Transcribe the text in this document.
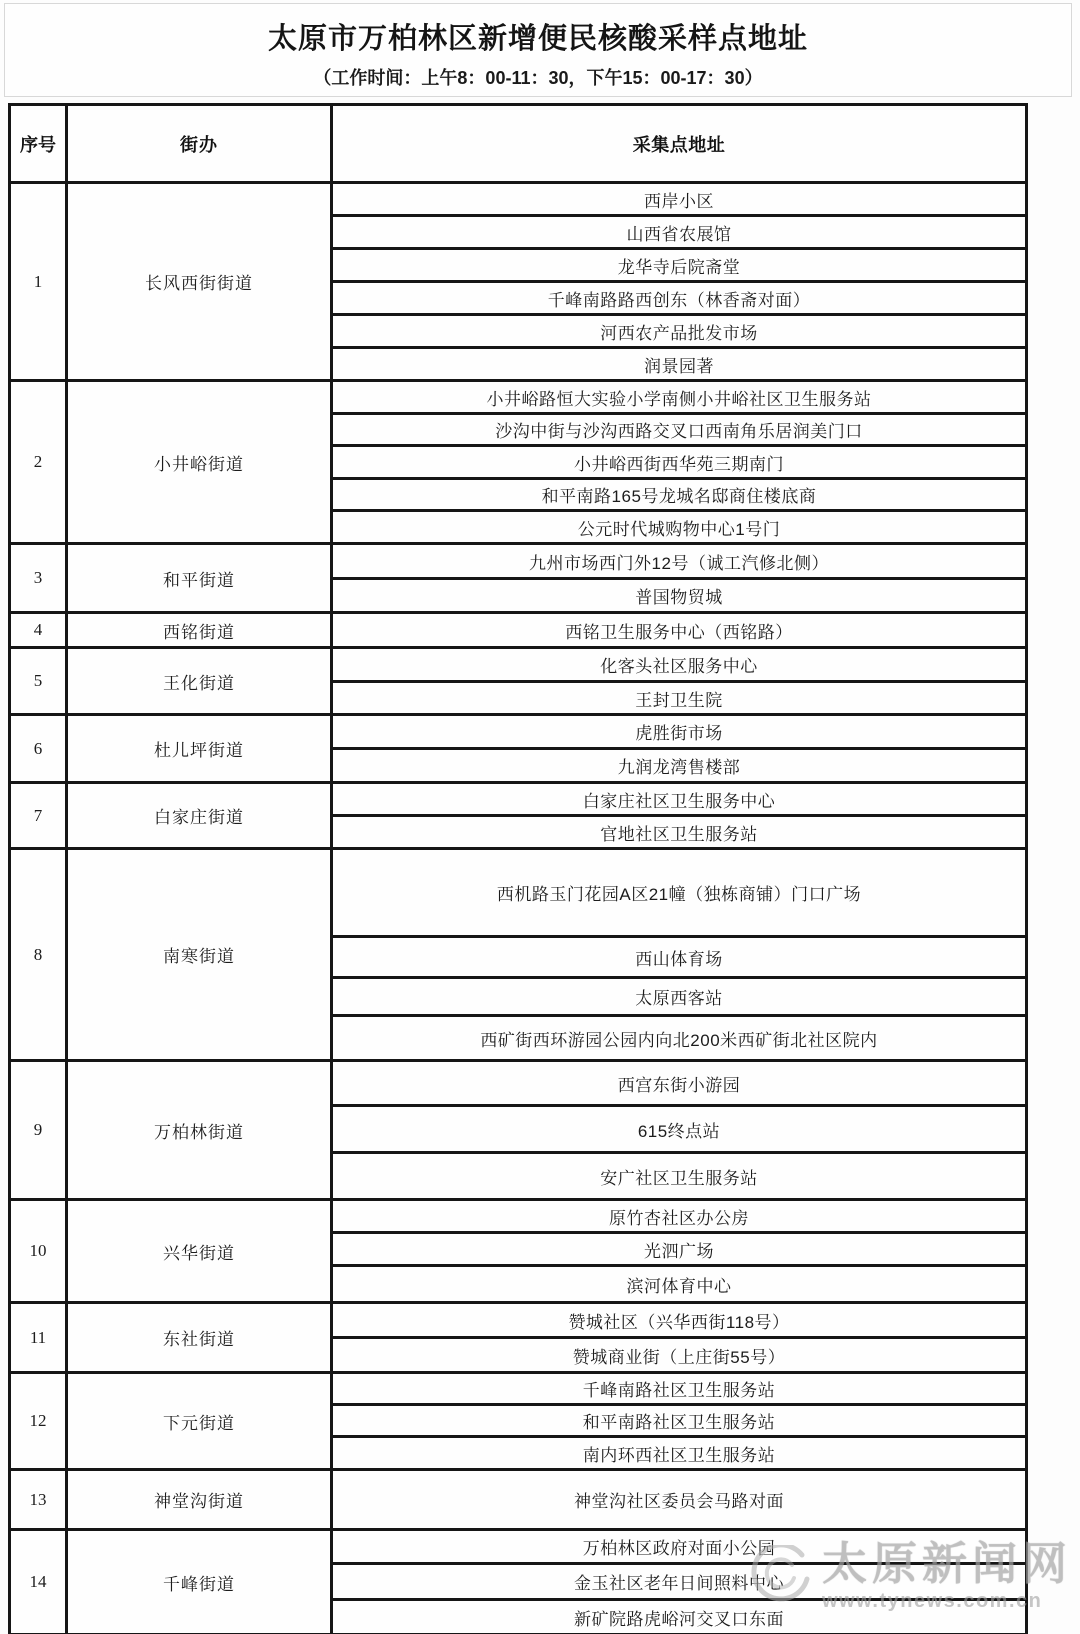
太原市万柏林区新增便民核酸采样点地址
（工作时间：上午8：00-11：30，下午15：00-17：30）
序号	街办	采集点地址
1	长风西街街道	西岸小区
		山西省农展馆
		龙华寺后院斋堂
		千峰南路路西创东（林香斋对面）
		河西农产品批发市场
		润景园著
2	小井峪街道	小井峪路恒大实验小学南侧小井峪社区卫生服务站
		沙沟中街与沙沟西路交叉口西南角乐居润美门口
		小井峪西街西华苑三期南门
		和平南路165号龙城名邸商住楼底商
		公元时代城购物中心1号门
3	和平街道	九州市场西门外12号（诚工汽修北侧）
		普国物贸城
4	西铭街道	西铭卫生服务中心（西铭路）
5	王化街道	化客头社区服务中心
		王封卫生院
6	杜儿坪街道	虎胜街市场
		九润龙湾售楼部
7	白家庄街道	白家庄社区卫生服务中心
		官地社区卫生服务站
8	南寒街道	西机路玉门花园A区21幢（独栋商铺）门口广场
		西山体育场
		太原西客站
		西矿街西环游园公园内向北200米西矿街北社区院内
9	万柏林街道	西宫东街小游园
		615终点站
		安广社区卫生服务站
10	兴华街道	原竹杏社区办公房
		光泗广场
		滨河体育中心
11	东社街道	赞城社区（兴华西街118号）
		赞城商业街（上庄街55号）
12	下元街道	千峰南路社区卫生服务站
		和平南路社区卫生服务站
		南内环西社区卫生服务站
13	神堂沟街道	神堂沟社区委员会马路对面
14	千峰街道	万柏林区政府对面小公园
		金玉社区老年日间照料中心
		新矿院路虎峪河交叉口东面
太原新闻网
www.tynews.com.cn
